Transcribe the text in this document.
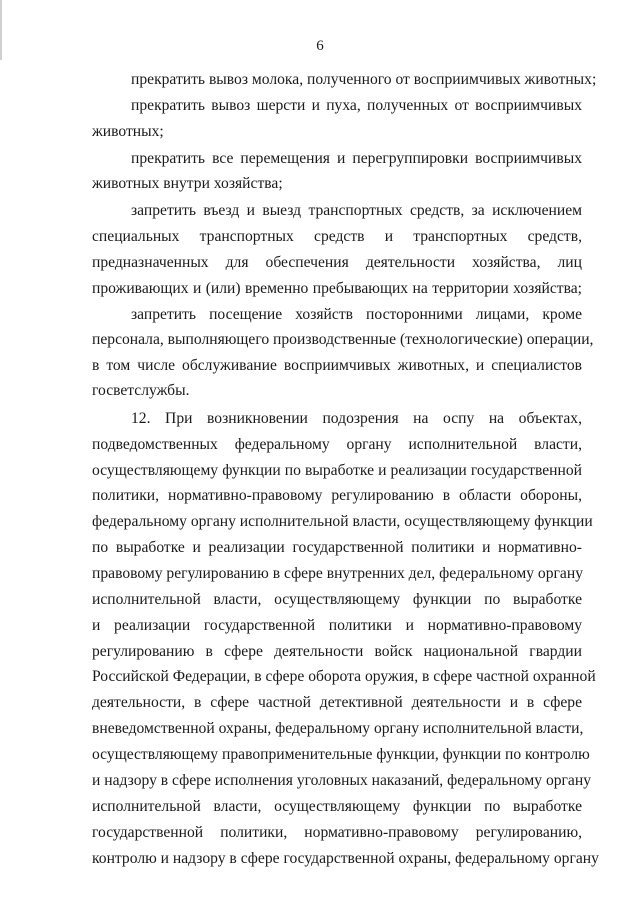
6
прекратить вывоз молока, полученного от восприимчивых животных;
прекратить вывоз шерсти и пуха, полученных от восприимчивых
животных;
прекратить все перемещения и перегруппировки восприимчивых
животных внутри хозяйства;
запретить въезд и выезд транспортных средств, за исключением
специальных транспортных средств и транспортных средств,
предназначенных для обеспечения деятельности хозяйства, лиц
проживающих и (или) временно пребывающих на территории хозяйства;
запретить посещение хозяйств посторонними лицами, кроме
персонала, выполняющего производственные (технологические) операции,
в том числе обслуживание восприимчивых животных, и специалистов
госветслужбы.
12. При возникновении подозрения на оспу на объектах,
подведомственных федеральному органу исполнительной власти,
осуществляющему функции по выработке и реализации государственной
политики, нормативно-правовому регулированию в области обороны,
федеральному органу исполнительной власти, осуществляющему функции
по выработке и реализации государственной политики и нормативно-
правовому регулированию в сфере внутренних дел, федеральному органу
исполнительной власти, осуществляющему функции по выработке
и реализации государственной политики и нормативно-правовому
регулированию в сфере деятельности войск национальной гвардии
Российской Федерации, в сфере оборота оружия, в сфере частной охранной
деятельности, в сфере частной детективной деятельности и в сфере
вневедомственной охраны, федеральному органу исполнительной власти,
осуществляющему правоприменительные функции, функции по контролю
и надзору в сфере исполнения уголовных наказаний, федеральному органу
исполнительной власти, осуществляющему функции по выработке
государственной политики, нормативно-правовому регулированию,
контролю и надзору в сфере государственной охраны, федеральному органу
